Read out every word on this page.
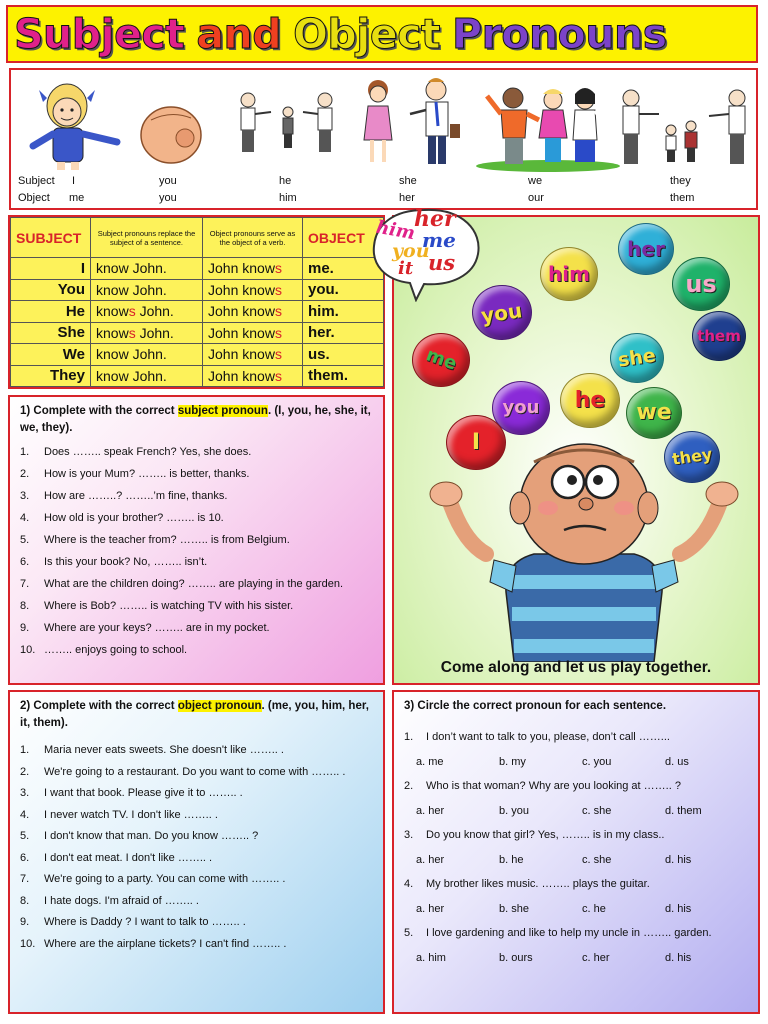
Subject and Object Pronouns
Subject I	you	he	she	we	they
Object me	you	him	her	our	them
SUBJECT	Subject pronouns replace the subject of a sentence.	Object pronouns serve as the object of a verb.	OBJECT
I	know John.	John knows	me.
You	know John.	John knows	you.
He	knows John.	John knows	him.
She	knows John.	John knows	her.
We	know John.	John knows	us.
They	know John.	John knows	them.
him
her
me
you
it us
her
him	us
you
them
me	she
you he we
I
they
Come along and let us play together.
1) Complete with the correct subject pronoun. (I, you, he, she, it, we, they).
1.	Does …….. speak French? Yes, she does.
2.	How is your Mum? …….. is better, thanks.
3.	How are ……..? ……..’m fine, thanks.
4.	How old is your brother? …….. is 10.
5.	Where is the teacher from? …….. is from Belgium.
6.	Is this your book? No, …….. isn’t.
7.	What are the children doing? …….. are playing in the garden.
8.	Where is Bob? …….. is watching TV with his sister.
9.	Where are your keys? …….. are in my pocket.
10. …….. enjoys going to school.
2) Complete with the correct object pronoun. (me, you, him, her, it, them).
1.	Maria never eats sweets. She doesn't like …….. .
2.	We're going to a restaurant. Do you want to come with …….. .
3.	I want that book. Please give it to …….. .
4.	I never watch TV. I don't like …….. .
5.	I don't know that man. Do you know …….. ?
6.	I don't eat meat. I don't like …….. .
7.	We're going to a party. You can come with …….. .
8.	I hate dogs. I'm afraid of …….. .
9.	Where is Daddy ? I want to talk to …….. .
10. Where are the airplane tickets? I can't find …….. .
3) Circle the correct pronoun for each sentence.
1.	I don’t want to talk to you, please, don’t call ……...
a. me	b. my	c. you	d. us
2.	Who is that woman? Why are you looking at …….. ?
a. her	b. you	c. she	d. them
3.	Do you know that girl? Yes, …….. is in my class..
a. her	b. he	c. she	d. his
4.	My brother likes music. …….. plays the guitar.
a. her	b. she	c. he	d. his
5.	I love gardening and like to help my uncle in …….. garden.
a. him	b. ours	c. her	d. his
